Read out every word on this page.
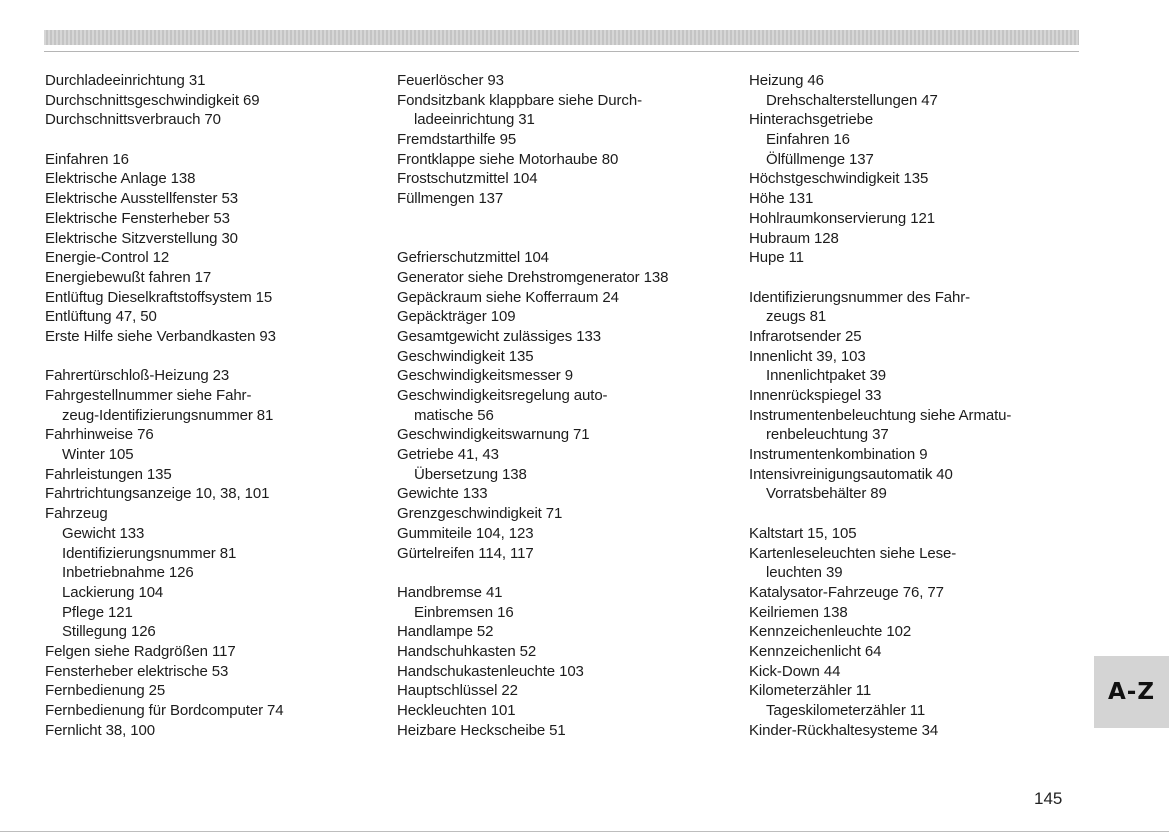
Durchladeeinrichtung 31
Durchschnittsgeschwindigkeit 69
Durchschnittsverbrauch 70
Einfahren 16
Elektrische Anlage 138
Elektrische Ausstellfenster 53
Elektrische Fensterheber 53
Elektrische Sitzverstellung 30
Energie-Control 12
Energiebewußt fahren 17
Entlüftug Dieselkraftstoffsystem 15
Entlüftung 47, 50
Erste Hilfe siehe Verbandkasten 93
Fahrertürschloß-Heizung 23
Fahrgestellnummer siehe Fahr-
zeug-Identifizierungsnummer 81
Fahrhinweise 76
Winter 105
Fahrleistungen 135
Fahrtrichtungsanzeige 10, 38, 101
Fahrzeug
Gewicht 133
Identifizierungsnummer 81
Inbetriebnahme 126
Lackierung 104
Pflege 121
Stillegung 126
Felgen siehe Radgrößen 117
Fensterheber elektrische 53
Fernbedienung 25
Fernbedienung für Bordcomputer 74
Fernlicht 38, 100
Feuerlöscher 93
Fondsitzbank klappbare siehe Durch-
ladeeinrichtung 31
Fremdstarthilfe 95
Frontklappe siehe Motorhaube 80
Frostschutzmittel 104
Füllmengen 137
Gefrierschutzmittel 104
Generator siehe Drehstromgenerator 138
Gepäckraum siehe Kofferraum 24
Gepäckträger 109
Gesamtgewicht zulässiges 133
Geschwindigkeit 135
Geschwindigkeitsmesser 9
Geschwindigkeitsregelung auto-
matische 56
Geschwindigkeitswarnung 71
Getriebe 41, 43
Übersetzung 138
Gewichte 133
Grenzgeschwindigkeit 71
Gummiteile 104, 123
Gürtelreifen 114, 117
Handbremse 41
Einbremsen 16
Handlampe 52
Handschuhkasten 52
Handschukastenleuchte 103
Hauptschlüssel 22
Heckleuchten 101
Heizbare Heckscheibe 51
Heizung 46
Drehschalterstellungen 47
Hinterachsgetriebe
Einfahren 16
Ölfüllmenge 137
Höchstgeschwindigkeit 135
Höhe 131
Hohlraumkonservierung 121
Hubraum 128
Hupe 11
Identifizierungsnummer des Fahr-
zeugs 81
Infrarotsender 25
Innenlicht 39, 103
Innenlichtpaket 39
Innenrückspiegel 33
Instrumentenbeleuchtung siehe Armatu-
renbeleuchtung 37
Instrumentenkombination 9
Intensivreinigungsautomatik 40
Vorratsbehälter 89
Kaltstart 15, 105
Kartenleseleuchten siehe Lese-
leuchten 39
Katalysator-Fahrzeuge 76, 77
Keilriemen 138
Kennzeichenleuchte 102
Kennzeichenlicht 64
Kick-Down 44
Kilometerzähler 11
Tageskilometerzähler 11
Kinder-Rückhaltesysteme 34
A-Z
145
